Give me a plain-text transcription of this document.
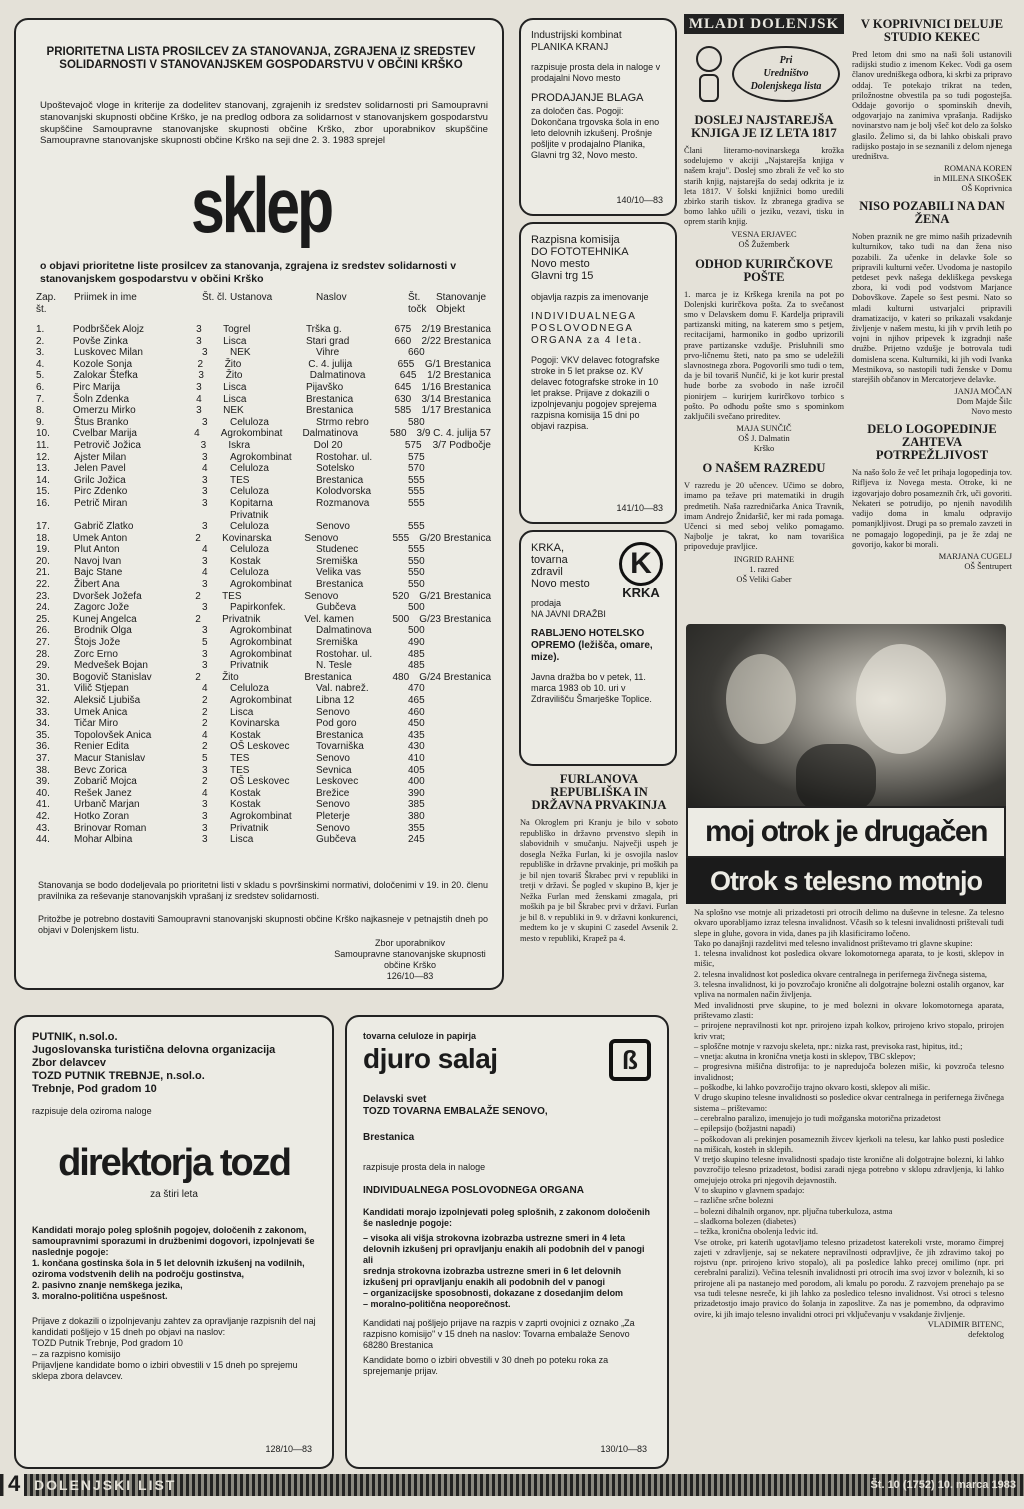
PRIORITETNA LISTA PROSILCEV ZA STANOVANJA, ZGRAJENA IZ SREDSTEV SOLIDARNOSTI V STANOVANJSKEM GOSPODARSTVU V OBČINI KRŠKO
Upoštevajoč vloge in kriterije za dodelitev stanovanj, zgrajenih iz sredstev solidarnosti pri Samoupravni stanovanjski skupnosti občine Krško, je na predlog odbora za solidarnost v stanovanjskem gospodarstvu skupščine Samoupravne stanovanjske skupnosti občine Krško, zbor uporabnikov skupščine Samoupravne stanovanjske skupnosti občine Krško na seji dne 2. 3. 1983 sprejel
sklep
o objavi prioritetne liste prosilcev za stanovanja, zgrajena iz sredstev solidarnosti v stanovanjskem gospodarstvu v občini Krško
Zap. št.
Priimek in ime	Št. čl. Ustanova	Naslov	Št. točk
Stanovanje Objekt
1.	Podbršček Alojz	3	Togrel	Trška g.	675	2/19 Brestanica
2.	Povše Zinka	3	Lisca	Stari grad	660	2/22 Brestanica
3.	Luskovec Milan	3	NEK	Vihre	660
4.	Kozole Sonja	2	Žito	C. 4. julija	655	G/1 Brestanica
5.	Zalokar Štefka	3	Žito	Dalmatinova	645	1/2 Brestanica
6.	Pirc Marija	3	Lisca	Pijavško	645	1/16 Brestanica
7.	Šoln Zdenka	4	Lisca	Brestanica	630	3/14 Brestanica
8.	Omerzu Mirko	3	NEK	Brestanica	585	1/17 Brestanica
9.	Štus Branko	3	Celuloza	Strmo rebro	580
10.	Cvelbar Marija	4	Agrokombinat	Dalmatinova	580 3/9 C. 4. julija 57
11.	Petrovič Jožica	3	Iskra	Dol 20	575	3/7 Podbočje
12.	Ajster Milan	3	Agrokombinat	Rostohar. ul.	575
13.	Jelen Pavel	4	Celuloza	Sotelsko	570
14.	Grilc Jožica	3	TES	Brestanica	555
15.	Pirc Zdenko	3	Celuloza	Kolodvorska	555
16.	Petrič Miran	3	Kopitarna	Rozmanova	555
Privatnik
17.	Gabrič Zlatko	3	Celuloza	Senovo	555
18.	Umek Anton	2	Kovinarska	Senovo	555	G/20 Brestanica
19.	Plut Anton	4	Celuloza	Studenec	555
20.	Navoj Ivan	3	Kostak	Sremiška	550
21.	Bajc Stane	4	Celuloza	Velika vas	550
22.	Žibert Ana	3	Agrokombinat	Brestanica	550
23.	Dvoršek Jožefa	2	TES	Senovo	520	G/21 Brestanica
24.	Zagorc Jože	3	Papirkonfek.	Gubčeva	500
25.	Kunej Angelca	2	Privatnik	Vel. kamen	500	G/23 Brestanica
26.	Brodnik Olga	3	Agrokombinat	Dalmatinova	500
27.	Štojs Jože	5	Agrokombinat	Sremiška	490
28.	Zorc Erno	3	Agrokombinat	Rostohar. ul.	485
29.	Medvešek Bojan	3	Privatnik	N. Tesle	485
30.	Bogovič Stanislav	2	Žito	Brestanica	480	G/24 Brestanica
31.	Vilič Stjepan	4	Celuloza	Val. nabrež.	470
32.	Aleksič Ljubiša	2	Agrokombinat	Libna 12	465
33.	Umek Anica	2	Lisca	Senovo	460
34.	Tičar Miro	2	Kovinarska	Pod goro	450
35.	Topolovšek Anica	4	Kostak	Brestanica	435
36.	Renier Edita	2	OŠ Leskovec	Tovarniška	430
37.	Macur Stanislav	5	TES	Senovo	410
38.	Bevc Zorica	3	TES	Sevnica	405
39.	Zobarič Mojca	2	OŠ Leskovec	Leskovec	400
40.	Rešek Janez	4	Kostak	Brežice	390
41.	Urbanč Marjan	3	Kostak	Senovo	385
42.	Hotko Zoran	3	Agrokombinat	Pleterje	380
43.	Brinovar Roman	3	Privatnik	Senovo	355
44.	Mohar Albina	3	Lisca	Gubčeva	245
Stanovanja se bodo dodeljevala po prioritetni listi v skladu s površinskimi normativi, določenimi v 19. in 20. členu pravilnika za reševanje stanovanjskih vprašanj iz sredstev solidarnosti.
Pritožbe je potrebno dostaviti Samoupravni stanovanjski skupnosti občine Krško najkasneje v petnajstih dneh po objavi v Dolenjskem listu.
Zbor uporabnikov
Samoupravne stanovanjske skupnosti
občine Krško
126/10—83
Industrijski kombinat
PLANIKA KRANJ
razpisuje prosta dela in naloge v prodajalni Novo mesto
PRODAJANJE BLAGA
za določen čas. Pogoji: Dokončana trgovska šola in eno leto delovnih izkušenj. Prošnje pošljite v prodajalno Planika, Glavni trg 32, Novo mesto.
140/10—83
Razpisna komisija
DO FOTOTEHNIKA
Novo mesto
Glavni trg 15
objavlja razpis za imenovanje
INDIVIDUALNEGA POSLOVODNEGA ORGANA za 4 leta.
Pogoji: VKV delavec fotografske stroke in 5 let prakse oz. KV delavec fotografske stroke in 10 let prakse. Prijave z dokazili o izpolnjevanju pogojev sprejema razpisna komisija 15 dni po objavi razpisa.
141/10—83
KRKA,
tovarna
zdravil
Novo mesto
K
KRKA
prodaja
NA JAVNI DRAŽBI
RABLJENO HOTELSKO OPREMO (ležišča, omare, mize).
Javna dražba bo v petek, 11. marca 1983 ob 10. uri v Zdravilišču Šmarješke Toplice.
FURLANOVA REPUBLIŠKA IN DRŽAVNA PRVAKINJA
Na Okroglem pri Kranju je bilo v soboto republiško in državno prvenstvo slepih in slabovidnih v smučanju. Največji uspeh je dosegla Nežka Furlan, ki je osvojila naslov republiške in državne prvakinje, pri moških pa je bil njen tovariš Škrabec prvi v republiki in tretji v državi. Še pogled v skupino B, kjer je Nežka Furlan med ženskami zmagala, pri moških pa je bil Škrabec prvi v državi. Furlan je bil 8. v republiki in 9. v državni konkurenci, medtem ko je v skupini C zasedel Avsenik 2. mesto v republiki, Krapež pa 4.
PUTNIK, n.sol.o.
Jugoslovanska turistična delovna organizacija
Zbor delavcev
TOZD PUTNIK TREBNJE, n.sol.o.
Trebnje, Pod gradom 10
razpisuje dela oziroma naloge
direktorja tozd
za štiri leta
Kandidati morajo poleg splošnih pogojev, določenih z zakonom, samoupravnimi sporazumi in družbenimi dogovori, izpolnjevati še naslednje pogoje:
1. končana gostinska šola in 5 let delovnih izkušenj na vodilnih, oziroma vodstvenih delih na področju gostinstva,
2. pasivno znanje nemškega jezika,
3. moralno-politična uspešnost.
Prijave z dokazili o izpolnjevanju zahtev za opravljanje razpisnih del naj kandidati pošljejo v 15 dneh po objavi na naslov:
TOZD Putnik Trebnje, Pod gradom 10
– za razpisno komisijo
Prijavljene kandidate bomo o izbiri obvestili v 15 dneh po sprejemu sklepa zbora delavcev.
128/10—83
tovarna celuloze in papirja
djuro salaj	ß
Delavski svet
TOZD TOVARNA EMBALAŽE SENOVO,
Brestanica
razpisuje prosta dela in naloge
INDIVIDUALNEGA POSLOVODNEGA ORGANA
Kandidati morajo izpolnjevati poleg splošnih, z zakonom določenih še naslednje pogoje:
– visoka ali višja strokovna izobrazba ustrezne smeri in 4 leta delovnih izkušenj pri opravljanju enakih ali podobnih del v panogi
ali
srednja strokovna izobrazba ustrezne smeri in 6 let delovnih izkušenj pri opravljanju enakih ali podobnih del v panogi
– organizacijske sposobnosti, dokazane z dosedanjim delom
– moralno-politična neoporečnost.
Kandidati naj pošljejo prijave na razpis v zaprti ovojnici z oznako „Za razpisno komisijo" v 15 dneh na naslov: Tovarna embalaže Senovo 68280 Brestanica
Kandidate bomo o izbiri obvestili v 30 dneh po poteku roka za sprejemanje prijav.
130/10—83
MLADI DOLENJSK
Pri
Uredništvo
Dolenjskega lista
DOSLEJ NAJSTAREJŠA KNJIGA JE IZ LETA 1817
Člani literarno-novinarskega krožka sodelujemo v akciji „Najstarejša knjiga v našem kraju". Doslej smo zbrali že več ko sto starih knjig, najstarejša do sedaj odkrita je iz leta 1817. V šolski knjižnici bomo uredili zbirko starih tiskov. Iz zbranega gradiva se bomo lahko učili o jeziku, vezavi, tisku in oprem starih knjig.
VESNA ERJAVEC
OŠ Žužemberk
ODHOD KURIRČKOVE POŠTE
1. marca je iz Krškega krenila na pot po Dolenjski kurirčkova pošta. Za to svečanost smo v Delavskem domu F. Kardelja pripravili partizanski miting, na katerem smo s petjem, recitacijami, harmoniko in godbo uprizorili prave partizanske vzdušje. Prisluhnili smo prvo-ličnemu šteti, nato pa smo se udeležili slavnostnega zbora. Pogovorili smo tudi o tem, da je bil tovariš Nunčič, ki je kot kurir prestal hude borbe za svobodo in naše izročil pionirjem – kurirjem kurirčkovo torbico s pošto. Po odhodu pošte smo s spominkom zaključili svečano prireditev.
MAJA SUNČIČ
OŠ J. Dalmatin
Krško
O NAŠEM RAZREDU
V razredu je 20 učencev. Učimo se dobro, imamo pa težave pri matematiki in drugih predmetih. Naša razredničarka Anica Travnik, imam Andrejo Žnidaršič, ker mi rada pomaga. Učenci si med seboj veliko pomagamo. Najbolje je takrat, ko nam tovarišica pripoveduje pravljice.
INGRID RAHNE
1. razred
OŠ Veliki Gaber
V KOPRIVNICI DELUJE STUDIO KEKEC
Pred letom dni smo na naši šoli ustanovili radijski studio z imenom Kekec. Vodi ga osem članov uredniškega odbora, ki skrbi za pripravo oddaj. Te potekajo trikrat na teden, priložnostne obvestila pa so tudi pogostejša. Oddaje govorijo o spominskih dnevih, odgovarjajo na zanimiva vprašanja. Radijsko novinarstvo nam je bolj všeč kot delo za šolsko glasilo. Želimo si, da bi lahko obiskali pravo radijsko postajo in se seznanili z delom njenega uredništva.
ROMANA KOREN
in MILENA SIKOŠEK
OŠ Koprivnica
NISO POZABILI NA DAN ŽENA
Noben praznik ne gre mimo naših prizadevnih kulturnikov, tako tudi na dan žena niso pozabili. Za učenke in delavke šole so pripravili kulturni večer. Uvodoma je nastopilo petdeset pevk našega dekliškega pevskega zbora, ki vodi pod vodstvom Marjance Dobovškove. Zapele so šest pesmi. Nato so mladi kulturni ustvarjalci pripravili dramatizacijo, v kateri so prikazali vsakdanje življenje v našem mestu, ki jih v prvih letih po vojni in njihov pripevek k izgradnji naše družbe. Prijetno vzdušje je botrovala tudi domislena scena. Kulturniki, ki jih vodi Ivanka Mestnikova, so nastopili tudi ženske v Domu starejših občanov in Mercatorjeve delavke.
JANJA MOČAN
Dom Majde Šilc
Novo mesto
DELO LOGOPEDINJE ZAHTEVA POTRPEŽLJIVOST
Na našo šolo že več let prihaja logopedinja tov. Rifljeva iz Novega mesta. Otroke, ki ne izgovarjajo dobro posameznih črk, uči govoriti. Nekateri se potrudijo, po njenih navodilih vadijo doma in kmalu odpravijo pomanjkljivost. Drugi pa so premalo zavzeti in ne pomagajo logopedinji, pa je že zdaj ne govorijo, kakor bi morali.
MARJANA CUGELJ
OŠ Šentrupert
moj otrok je drugačen
Otrok s telesno motnjo
Na splošno vse motnje ali prizadetosti pri otrocih delimo na duševne in telesne. Za telesno okvaro uporabljamo izraz telesna invalidnost. Včasih so k telesni invalidnosti prištevali tudi slepe in gluhe, govora in vida, danes pa jih klasificiramo ločeno.
Tako po danajšnji razdelitvi med telesno invalidnost prištevamo tri glavne skupine:
1. telesna invalidnost kot posledica okvare lokomotornega aparata, to je kosti, sklepov in mišic,
2. telesna invalidnost kot posledica okvare centralnega in perifernega živčnega sistema,
3. telesna invalidnost, ki jo povzročajo kronične ali dolgotrajne bolezni ostalih organov, kar vpliva na normalen način življenja.
Med invalidnosti prve skupine, to je med bolezni in okvare lokomotornega aparata, prištevamo zlasti:
– prirojene nepravilnosti kot npr. prirojeno izpah kolkov, prirojeno krivo stopalo, prirojen kriv vrat;
– sploščne motnje v razvoju skeleta, npr.: nizka rast, previsoka rast, hipitus, itd.;
– vnetja: akutna in kronična vnetja kosti in sklepov, TBC sklepov;
– progresivna mišična distrofija: to je napredujoča bolezen mišic, ki povzroča telesno invalidnost;
– poškodbe, ki lahko povzročijo trajno okvaro kosti, sklepov ali mišic.
V drugo skupino telesne invalidnosti so posledice okvar centralnega in perifernega živčnega sistema – prištevamo:
– cerebralno paralizo, imenujejo jo tudi možganska motorična prizadetost
– epilepsijo (božjastni napadi)
– poškodovan ali prekinjen posameznih živcev kjerkoli na telesu, kar lahko pusti posledice na mišicah, kosteh in sklepih.
V tretjo skupino telesne invalidnosti spadajo tiste kronične ali dolgotrajne bolezni, ki lahko povzročijo telesno prizadetost, bodisi zaradi njega potrebno v sklopu zdravljenja, ki lahko omejujejo otroka pri njegovih dejavnostih.
V to skupino v glavnem spadajo:
– različne srčne bolezni
– bolezni dihalnih organov, npr. pljučna tuberkuloza, astma
– sladkorna bolezen (diabetes)
– težka, kronična obolenja ledvic itd.
Vse otroke, pri katerih ugotavljamo telesno prizadetost katerekoli vrste, moramo čimprej zajeti v zdravljenje, saj se nekatere nepravilnosti odpravljive, če jih zdravimo takoj po rojstvu (npr. prirojeno krivo stopalo), ali pa posledice lahko precej omilimo (npr. pri cerebralni paralizi). Večina telesnih invalidnosti pri otrocih ima svoj izvor v boleznih, ki so prirojene ali pa nastanejo med porodom, ali kmalu po porodu. Z razvojem prenehajo pa se vsa tudi telesne nesreče, ki jih lahko za posledico telesno invalidnost. Vsi otroci s telesno prizadetostjo imajo pravico do šolanja in zaposlitve. Za nas je pomembno, da odpravimo ovire, ki jih imajo telesno invalidni otroci pri vključevanju v vsakdanje življenje.
VLADIMIR BITENC,
defektolog
4 DOLENJSKI LIST	Št. 10 (1752) 10. marca 1983
